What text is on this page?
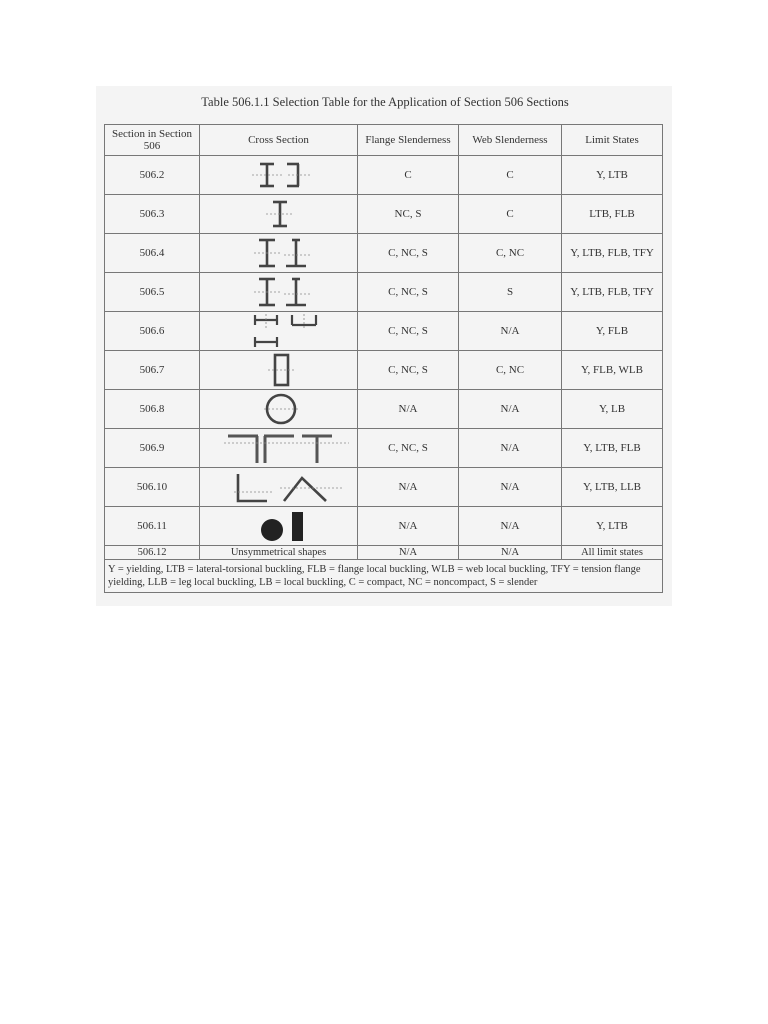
Table 506.1.1 Selection Table for the Application of Section 506 Sections
Section in Section 506	Cross Section	Flange Slenderness	Web Slenderness	Limit States
506.2		C	C	Y, LTB
506.3		NC, S	C	LTB, FLB
506.4		C, NC, S	C, NC	Y, LTB, FLB, TFY
506.5		C, NC, S	S	Y, LTB, FLB, TFY
506.6		C, NC, S	N/A	Y, FLB
506.7		C, NC, S	C, NC	Y, FLB, WLB
506.8		N/A	N/A	Y, LB
506.9		C, NC, S	N/A	Y, LTB, FLB
506.10		N/A	N/A	Y, LTB, LLB
506.11		N/A	N/A	Y, LTB
506.12	Unsymmetrical shapes	N/A	N/A	All limit states
Y = yielding, LTB = lateral-torsional buckling, FLB = flange local buckling, WLB = web local buckling, TFY = tension flange yielding, LLB = leg local buckling, LB = local buckling, C = compact, NC = noncompact, S = slender				
